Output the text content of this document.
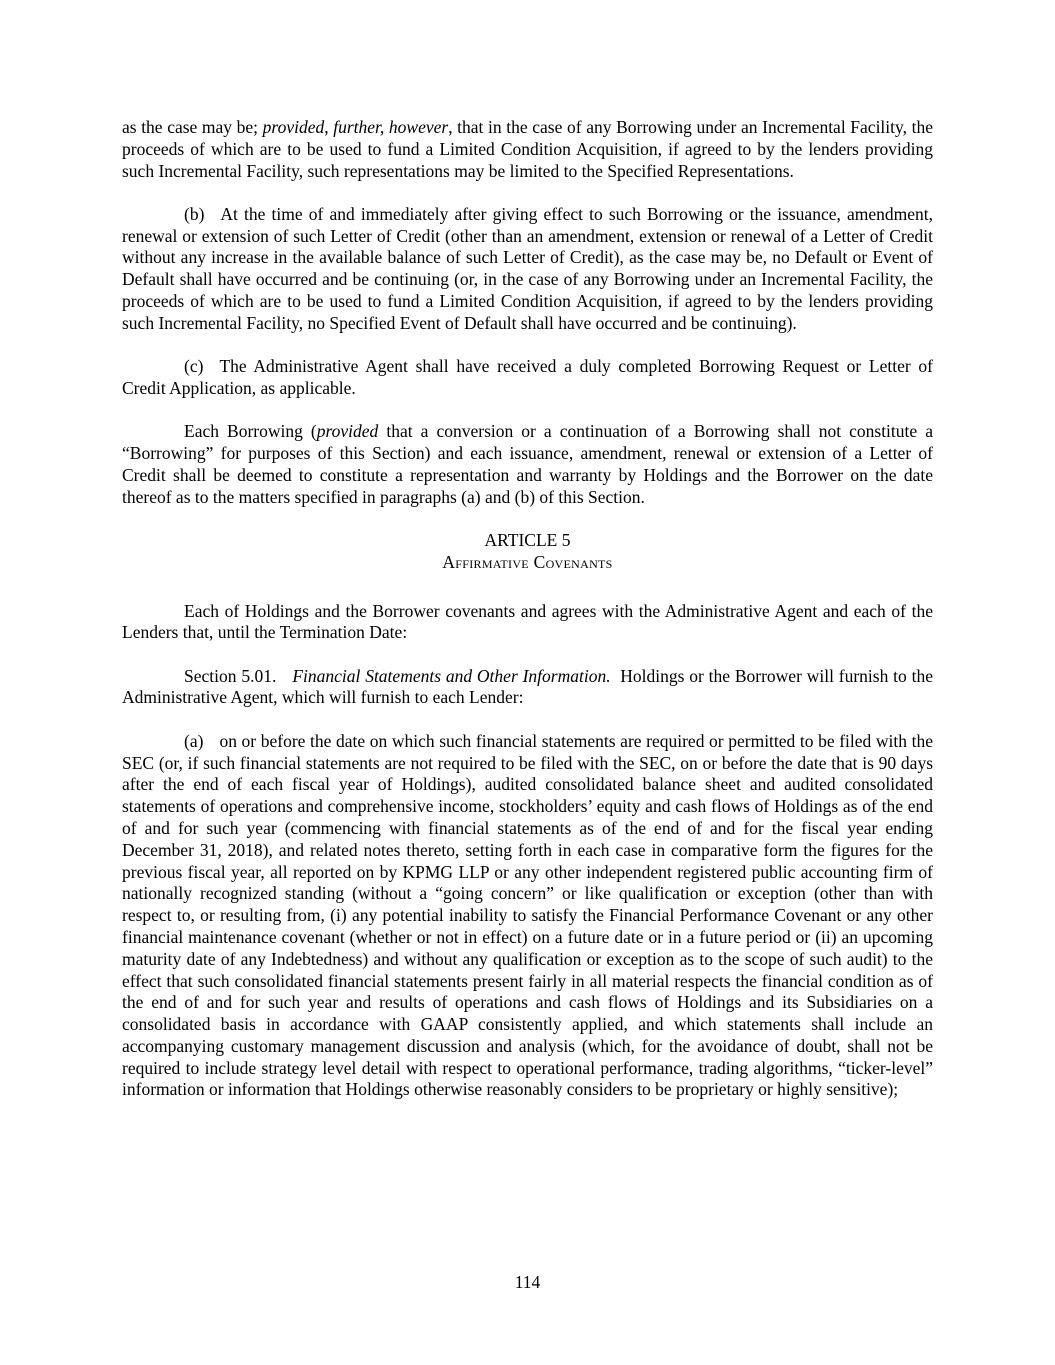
as the case may be; provided, further, however, that in the case of any Borrowing under an Incremental Facility, the proceeds of which are to be used to fund a Limited Condition Acquisition, if agreed to by the lenders providing such Incremental Facility, such representations may be limited to the Specified Representations.

(b) At the time of and immediately after giving effect to such Borrowing or the issuance, amendment, renewal or extension of such Letter of Credit (other than an amendment, extension or renewal of a Letter of Credit without any increase in the available balance of such Letter of Credit), as the case may be, no Default or Event of Default shall have occurred and be continuing (or, in the case of any Borrowing under an Incremental Facility, the proceeds of which are to be used to fund a Limited Condition Acquisition, if agreed to by the lenders providing such Incremental Facility, no Specified Event of Default shall have occurred and be continuing).

(c) The Administrative Agent shall have received a duly completed Borrowing Request or Letter of Credit Application, as applicable.

Each Borrowing (provided that a conversion or a continuation of a Borrowing shall not constitute a “Borrowing” for purposes of this Section) and each issuance, amendment, renewal or extension of a Letter of Credit shall be deemed to constitute a representation and warranty by Holdings and the Borrower on the date thereof as to the matters specified in paragraphs (a) and (b) of this Section.

ARTICLE 5

Affirmative Covenants

Each of Holdings and the Borrower covenants and agrees with the Administrative Agent and each of the Lenders that, until the Termination Date:

Section 5.01. Financial Statements and Other Information.  Holdings or the Borrower will furnish to the Administrative Agent, which will furnish to each Lender:

(a) on or before the date on which such financial statements are required or permitted to be filed with the SEC (or, if such financial statements are not required to be filed with the SEC, on or before the date that is 90 days after the end of each fiscal year of Holdings), audited consolidated balance sheet and audited consolidated statements of operations and comprehensive income, stockholders’ equity and cash flows of Holdings as of the end of and for such year (commencing with financial statements as of the end of and for the fiscal year ending December 31, 2018), and related notes thereto, setting forth in each case in comparative form the figures for the previous fiscal year, all reported on by KPMG LLP or any other independent registered public accounting firm of nationally recognized standing (without a “going concern” or like qualification or exception (other than with respect to, or resulting from, (i) any potential inability to satisfy the Financial Performance Covenant or any other financial maintenance covenant (whether or not in effect) on a future date or in a future period or (ii) an upcoming maturity date of any Indebtedness) and without any qualification or exception as to the scope of such audit) to the effect that such consolidated financial statements present fairly in all material respects the financial condition as of the end of and for such year and results of operations and cash flows of Holdings and its Subsidiaries on a consolidated basis in accordance with GAAP consistently applied, and which statements shall include an accompanying customary management discussion and analysis (which, for the avoidance of doubt, shall not be required to include strategy level detail with respect to operational performance, trading algorithms, “ticker-level” information or information that Holdings otherwise reasonably considers to be proprietary or highly sensitive);

114
